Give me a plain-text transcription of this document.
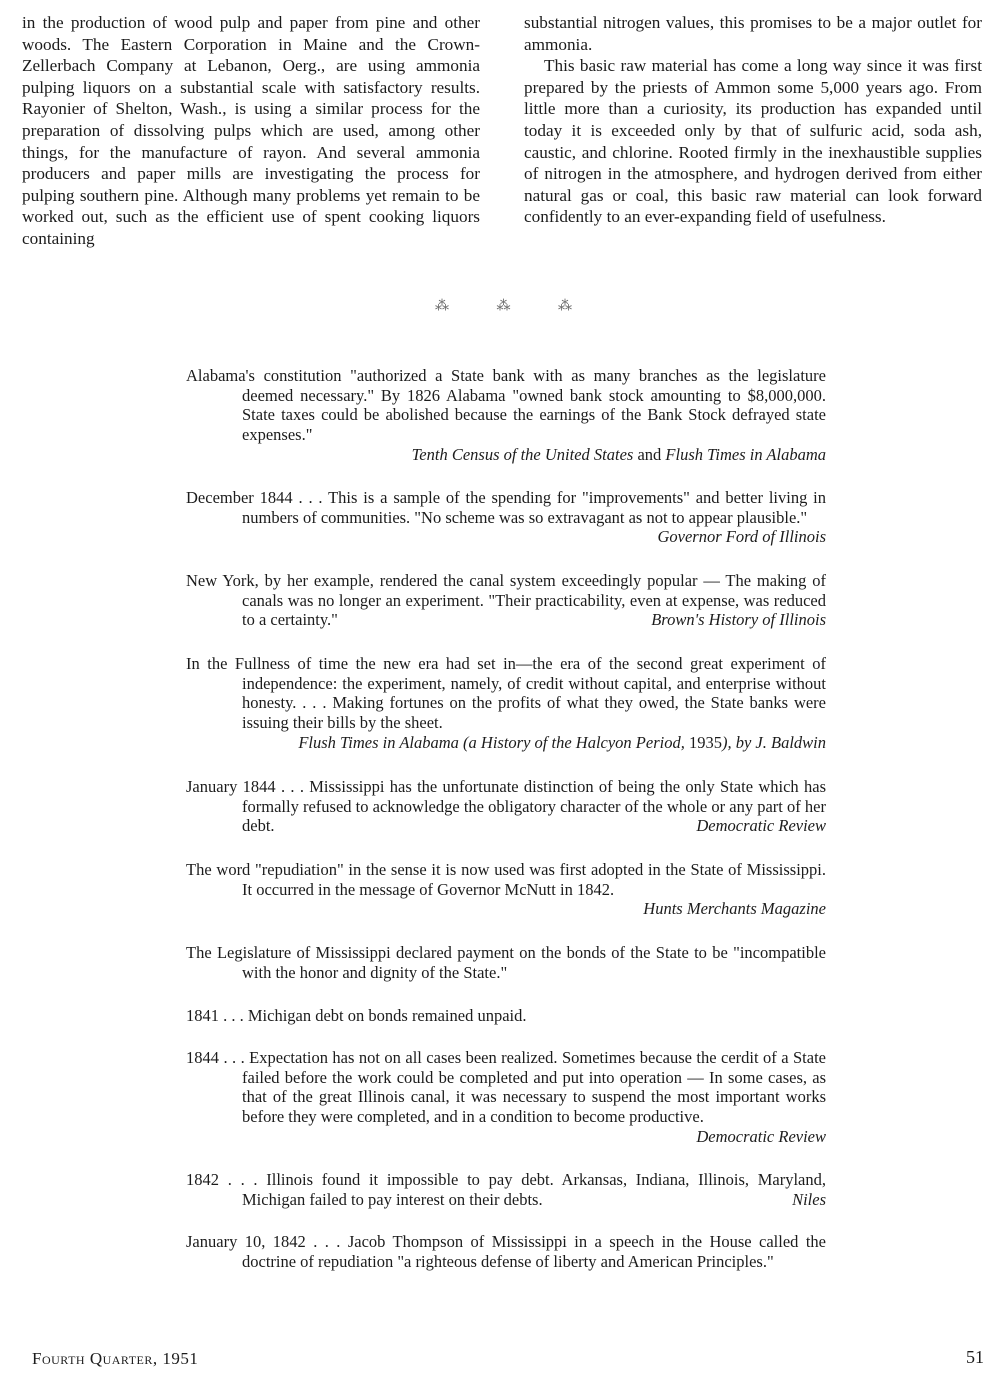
in the production of wood pulp and paper from pine and other woods. The Eastern Corporation in Maine and the Crown-Zellerbach Company at Lebanon, Oerg., are using ammonia pulping liquors on a substantial scale with satisfactory results. Rayonier of Shelton, Wash., is using a similar process for the preparation of dissolving pulps which are used, among other things, for the manufacture of rayon. And several ammonia producers and paper mills are investigating the process for pulping southern pine. Although many problems yet remain to be worked out, such as the efficient use of spent cooking liquors containing

substantial nitrogen values, this promises to be a major outlet for ammonia.

This basic raw material has come a long way since it was first prepared by the priests of Ammon some 5,000 years ago. From little more than a curiosity, its production has expanded until today it is exceeded only by that of sulfuric acid, soda ash, caustic, and chlorine. Rooted firmly in the inexhaustible supplies of nitrogen in the atmosphere, and hydrogen derived from either natural gas or coal, this basic raw material can look forward confidently to an ever-expanding field of usefulness.

⁂	⁂	⁂
Alabama's constitution "authorized a State bank with as many branches as the legislature deemed necessary." By 1826 Alabama "owned bank stock amounting to $8,000,000. State taxes could be abolished because the earnings of the Bank Stock defrayed state expenses."
Tenth Census of the United States and Flush Times in Alabama
December 1844 . . . This is a sample of the spending for "improvements" and better living in numbers of communities. "No scheme was so extravagant as not to appear plausible."
Governor Ford of Illinois
New York, by her example, rendered the canal system exceedingly popular — The making of canals was no longer an experiment. "Their practicability, even at expense, was reduced to a certainty."	Brown's History of Illinois
In the Fullness of time the new era had set in—the era of the second great experiment of independence: the experiment, namely, of credit without capital, and enterprise without honesty. . . . Making fortunes on the profits of what they owed, the State banks were issuing their bills by the sheet.
Flush Times in Alabama (a History of the Halcyon Period, 1935), by J. Baldwin
January 1844 . . . Mississippi has the unfortunate distinction of being the only State which has formally refused to acknowledge the obligatory character of the whole or any part of her debt.	Democratic Review
The word "repudiation" in the sense it is now used was first adopted in the State of Mississippi. It occurred in the message of Governor McNutt in 1842.
Hunts Merchants Magazine
The Legislature of Mississippi declared payment on the bonds of the State to be "incompatible with the honor and dignity of the State."
1841 . . . Michigan debt on bonds remained unpaid.
1844 . . . Expectation has not on all cases been realized. Sometimes because the cerdit of a State failed before the work could be completed and put into operation — In some cases, as that of the great Illinois canal, it was necessary to suspend the most important works before they were completed, and in a condition to become productive.
Democratic Review
1842 . . . Illinois found it impossible to pay debt. Arkansas, Indiana, Illinois, Maryland, Michigan failed to pay interest on their debts.	Niles
January 10, 1842 . . . Jacob Thompson of Mississippi in a speech in the House called the doctrine of repudiation "a righteous defense of liberty and American Principles."
Fourth Quarter, 1951	51
